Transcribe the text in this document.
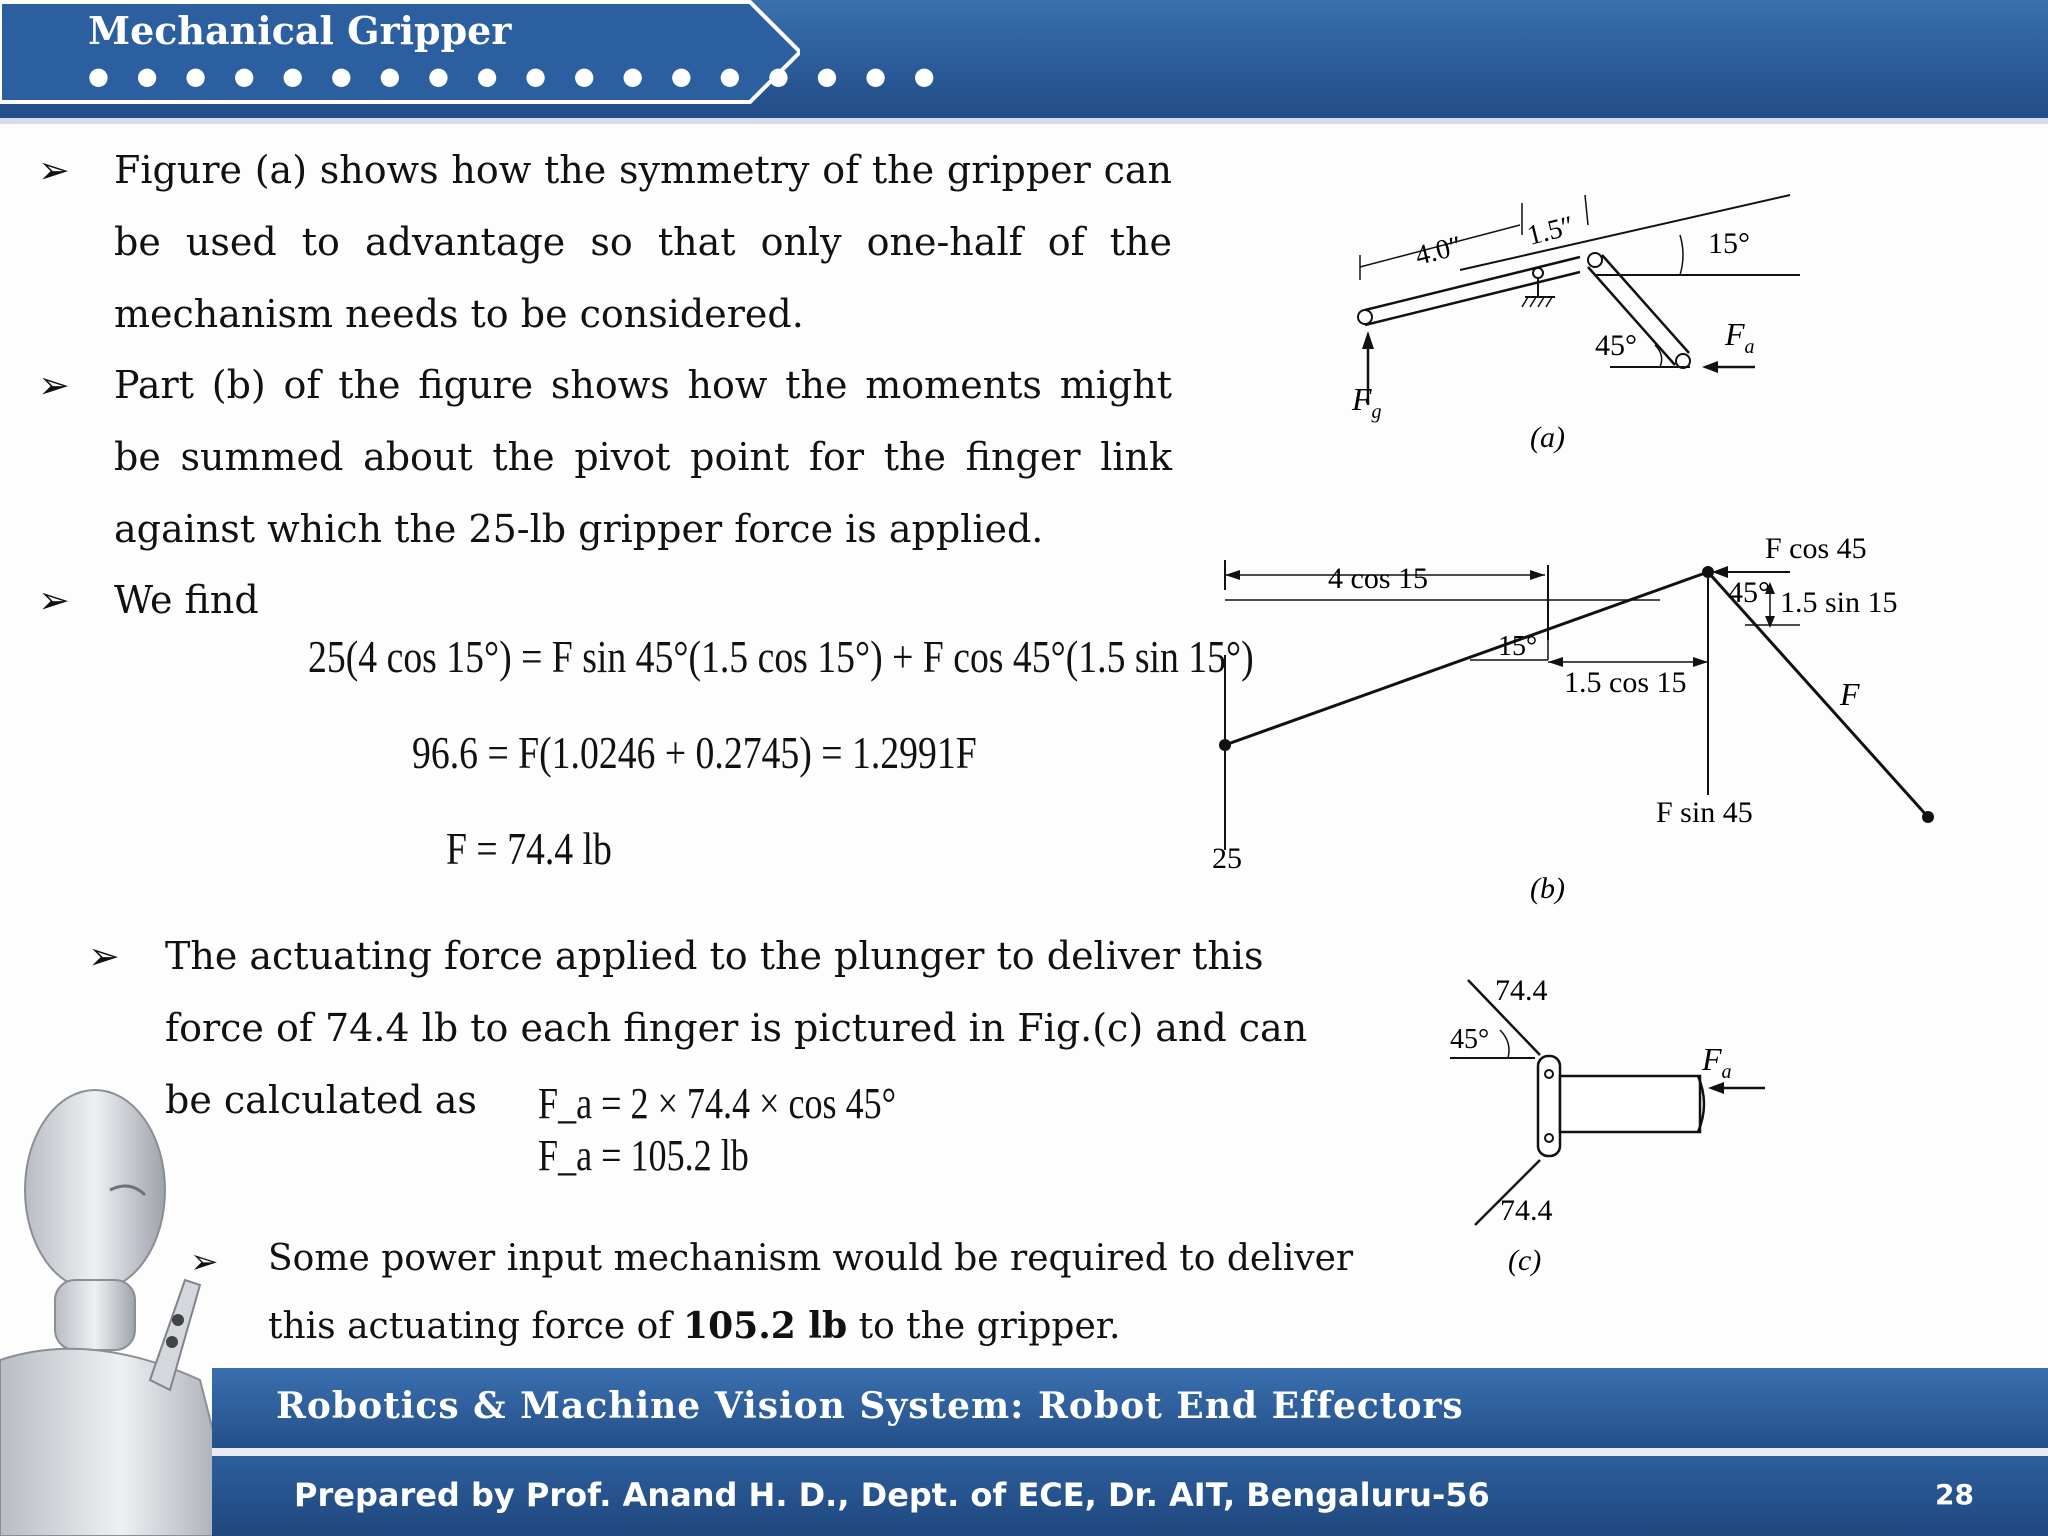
Mechanical Gripper
● ● ● ● ● ● ● ● ● ● ● ● ● ● ● ● ● ●
➢ Figure (a) shows how the symmetry of the gripper can be used to advantage so that only one-half of the mechanism needs to be considered.
➢ Part (b) of the figure shows how the moments might be summed about the pivot point for the finger link against which the 25-lb gripper force is applied.
➢ We find
25(4 cos 15°) = F sin 45°(1.5 cos 15°) + F cos 45°(1.5 sin 15°)
96.6 = F(1.0246 + 0.2745) = 1.2991F
F = 74.4 lb
➢ The actuating force applied to the plunger to deliver this
force of 74.4 lb to each finger is pictured in Fig.(c) and can
be calculated as F_a = 2 × 74.4 × cos 45°
F_a = 105.2 lb
➢ Some power input mechanism would be required to deliver
this actuating force of 105.2 lb to the gripper.
4.0″ 1.5″	15°
45°	$F_a$
$F_g$
(a)
4 cos 15
F cos 45
45° 1.5 sin 15
15°
1.5 cos 15	F
F sin 45
25
(b)
74.4
45°
74.4
$F_a$
(c)
Robotics & Machine Vision System: Robot End Effectors
Prepared by Prof. Anand H. D., Dept. of ECE, Dr. AIT, Bengaluru-56	28
